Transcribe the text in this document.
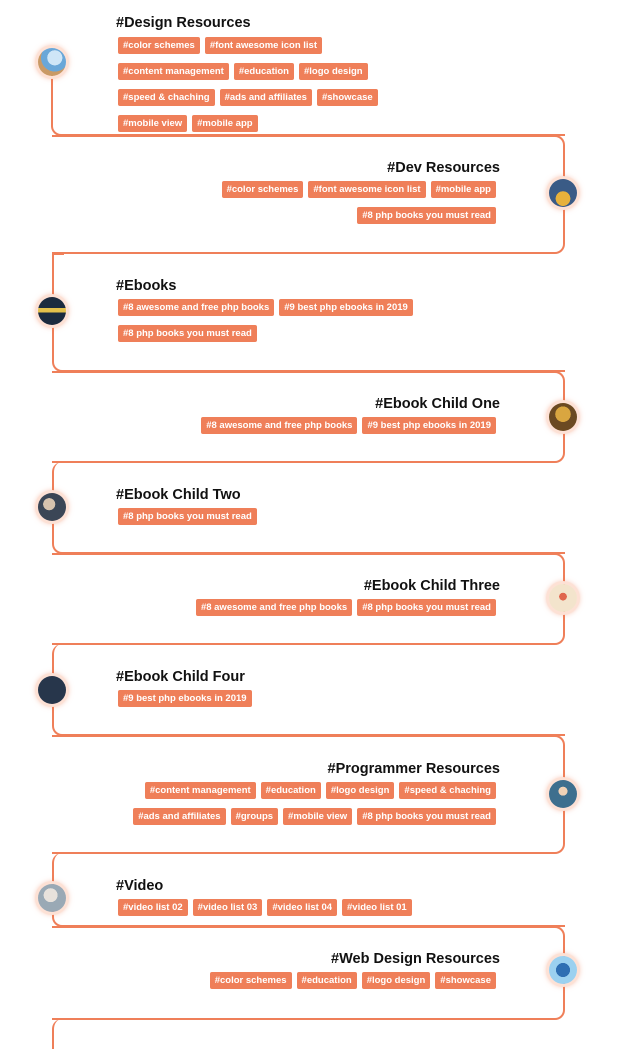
#Design Resources
#color schemes	#font awesome icon list
#content management	#education	#logo design
#speed & chaching	#ads and affiliates	#showcase
#mobile view	#mobile app
#Dev Resources
#color schemes	#font awesome icon list	#mobile app
#8 php books you must read
#Ebooks
#8 awesome and free php books	#9 best php ebooks in 2019
#8 php books you must read
#Ebook Child One
#8 awesome and free php books	#9 best php ebooks in 2019
#Ebook Child Two
#8 php books you must read
#Ebook Child Three
#8 awesome and free php books	#8 php books you must read
#Ebook Child Four
#9 best php ebooks in 2019
#Programmer Resources
#content management	#education	#logo design	#speed & chaching
#ads and affiliates	#groups	#mobile view	#8 php books you must read
#Video
#video list 02	#video list 03	#video list 04	#video list 01
#Web Design Resources
#color schemes	#education	#logo design	#showcase
